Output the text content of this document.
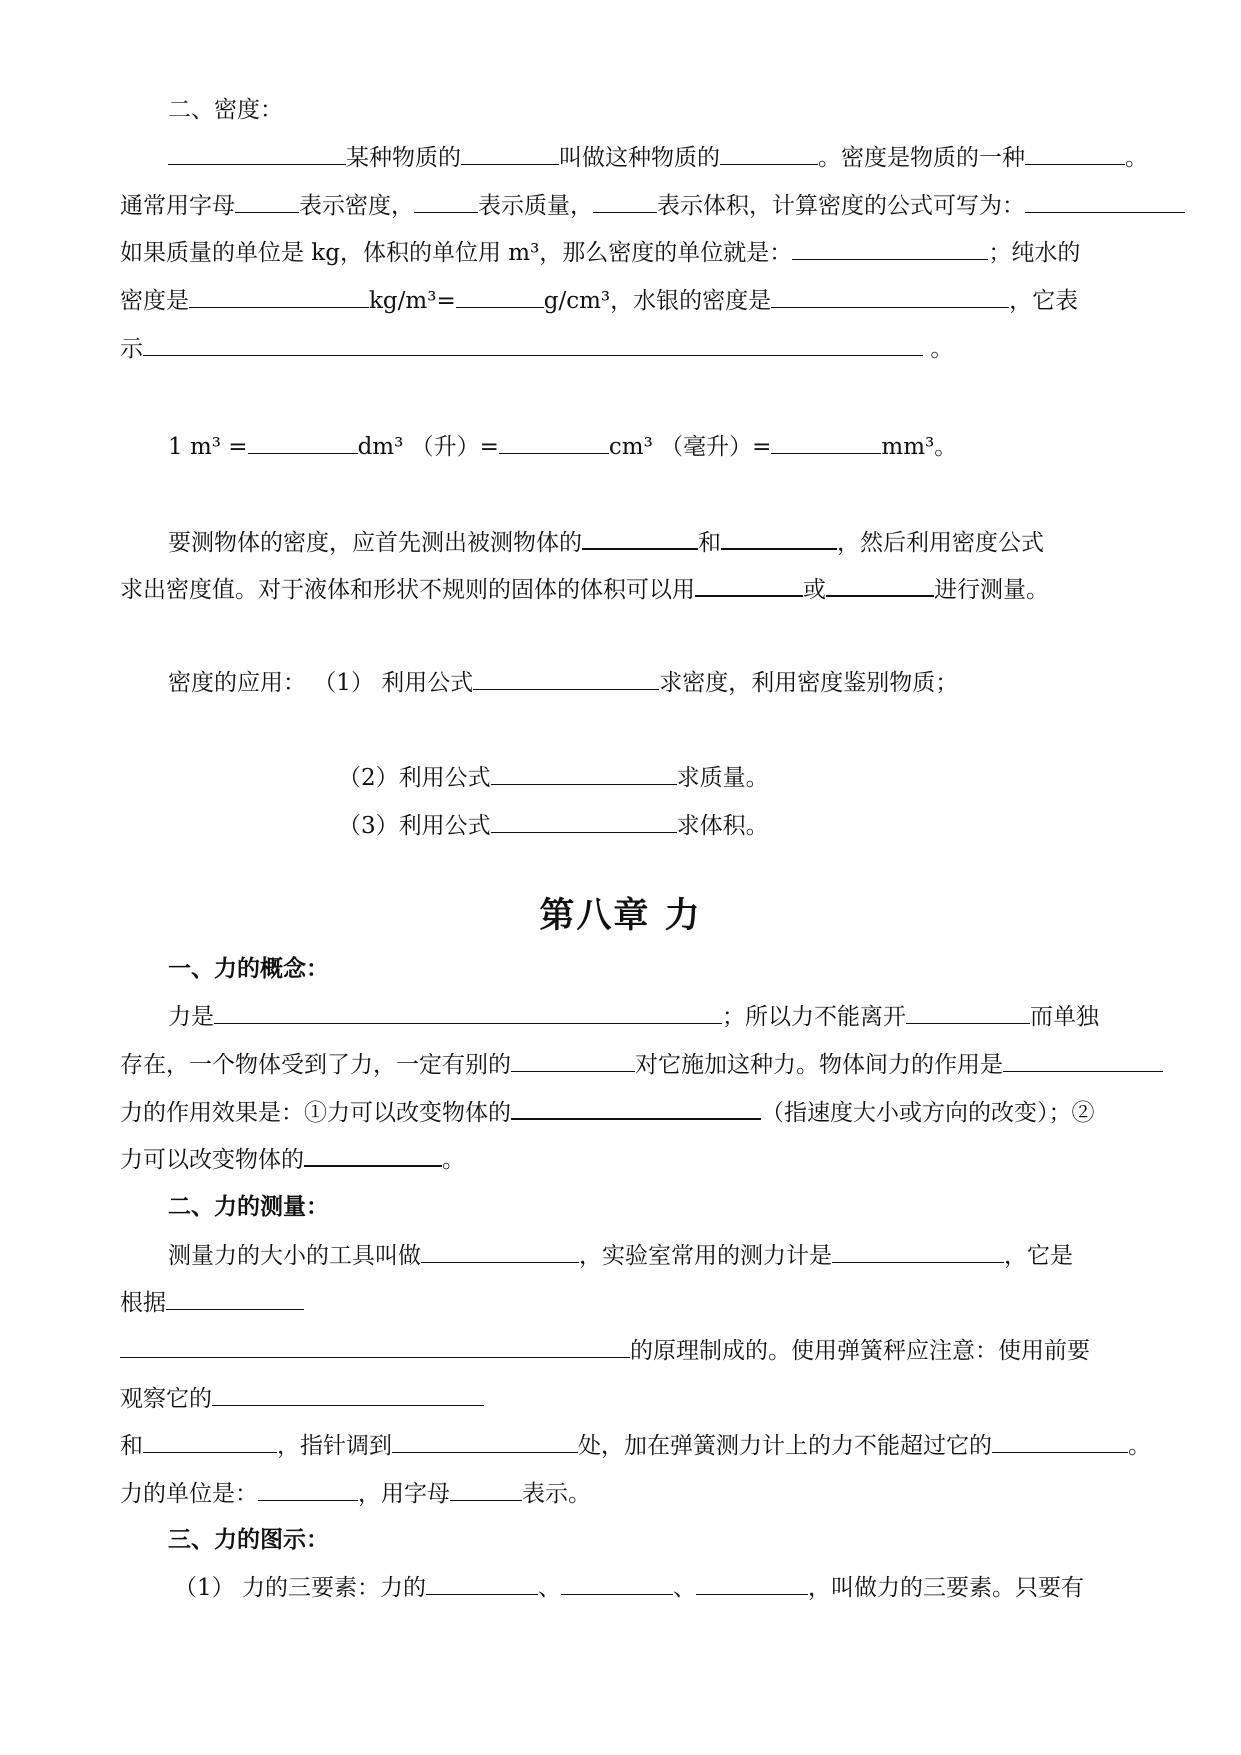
二、密度：
某种物质的	叫做这种物质的	。密度是物质的一种	。
通常用字母	表示密度，	表示质量，	表示体积，计算密度的公式可写为：
如果质量的单位是 kg，体积的单位用 m³，那么密度的单位就是：	；纯水的
密度是	kg/m³=	g/cm³，水银的密度是	，它表
示	。
1 m³ =	dm³ （升）=	cm³ （毫升）=	mm³。
要测物体的密度，应首先测出被测物体的	和	，然后利用密度公式
求出密度值。对于液体和形状不规则的固体的体积可以用	或	进行测量。
密度的应用： （1） 利用公式	求密度，利用密度鉴别物质；
（2）利用公式	求质量。
（3）利用公式	求体积。
第八章 力
一、力的概念：
力是	；所以力不能离开	而单独
存在，一个物体受到了力，一定有别的	对它施加这种力。物体间力的作用是
力的作用效果是：①力可以改变物体的	（指速度大小或方向的改变）；②
力可以改变物体的	。
二、力的测量：
测量力的大小的工具叫做	，实验室常用的测力计是	，它是
根据
的原理制成的。使用弹簧秤应注意：使用前要
观察它的
和	，指针调到	处，加在弹簧测力计上的力不能超过它的	。
力的单位是：	，用字母	表示。
三、力的图示：
（1） 力的三要素：力的	、	、	，叫做力的三要素。只要有
